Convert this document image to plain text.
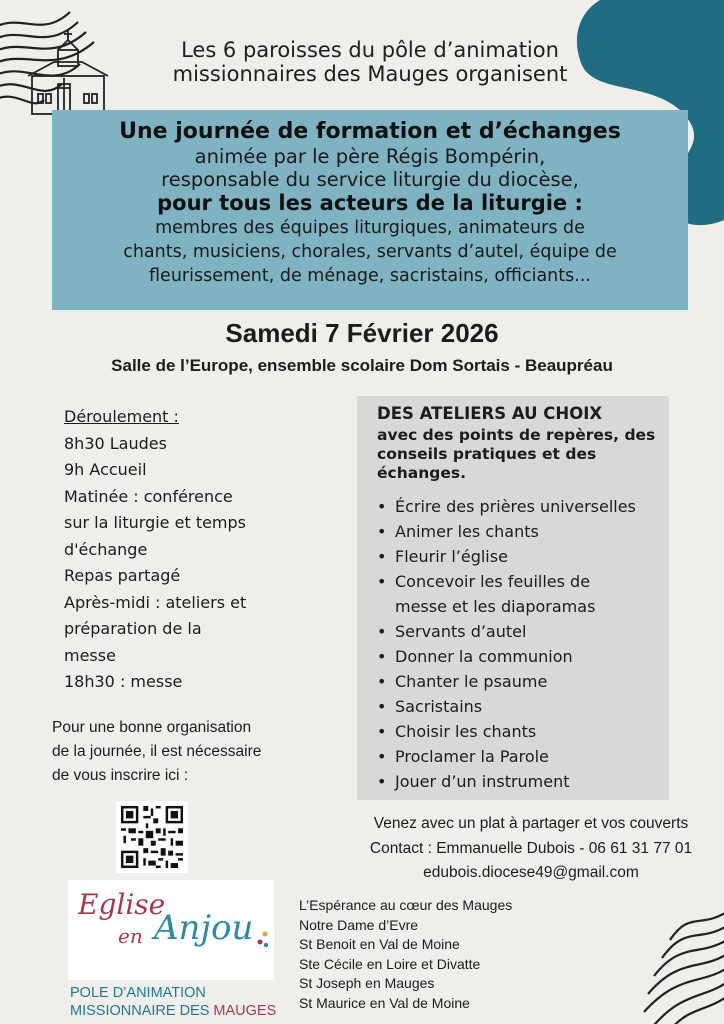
Les 6 paroisses du pôle d’animation
missionnaires des Mauges organisent
Une journée de formation et d’échanges
animée par le père Régis Bompérin,
responsable du service liturgie du diocèse,
pour tous les acteurs de la liturgie :
membres des équipes liturgiques, animateurs de
chants, musiciens, chorales, servants d’autel, équipe de
fleurissement, de ménage, sacristains, officiants...
Samedi 7 Février 2026
Salle de l’Europe, ensemble scolaire Dom Sortais - Beaupréau
Déroulement :
8h30 Laudes
9h Accueil
Matinée : conférence
sur la liturgie et temps
d'échange
Repas partagé
Après-midi : ateliers et
préparation de la
messe
18h30 : messe
Pour une bonne organisation
de la journée, il est nécessaire
de vous inscrire ici :
DES ATELIERS AU CHOIX
avec des points de repères, des conseils pratiques et des échanges.
• Écrire des prières universelles
• Animer les chants
• Fleurir l’église
• Concevoir les feuilles de
messe et les diaporamas
• Servants d’autel
• Donner la communion
• Chanter le psaume
• Sacristains
• Choisir les chants
• Proclamer la Parole
• Jouer d’un instrument
Venez avec un plat à partager et vos couverts
Contact : Emmanuelle Dubois - 06 61 31 77 01
edubois.diocese49@gmail.com
Eglise
en Anjou
POLE D’ANIMATION
MISSIONNAIRE DES MAUGES
L’Espérance au cœur des Mauges
Notre Dame d’Evre
St Benoit en Val de Moine
Ste Cécile en Loire et Divatte
St Joseph en Mauges
St Maurice en Val de Moine
